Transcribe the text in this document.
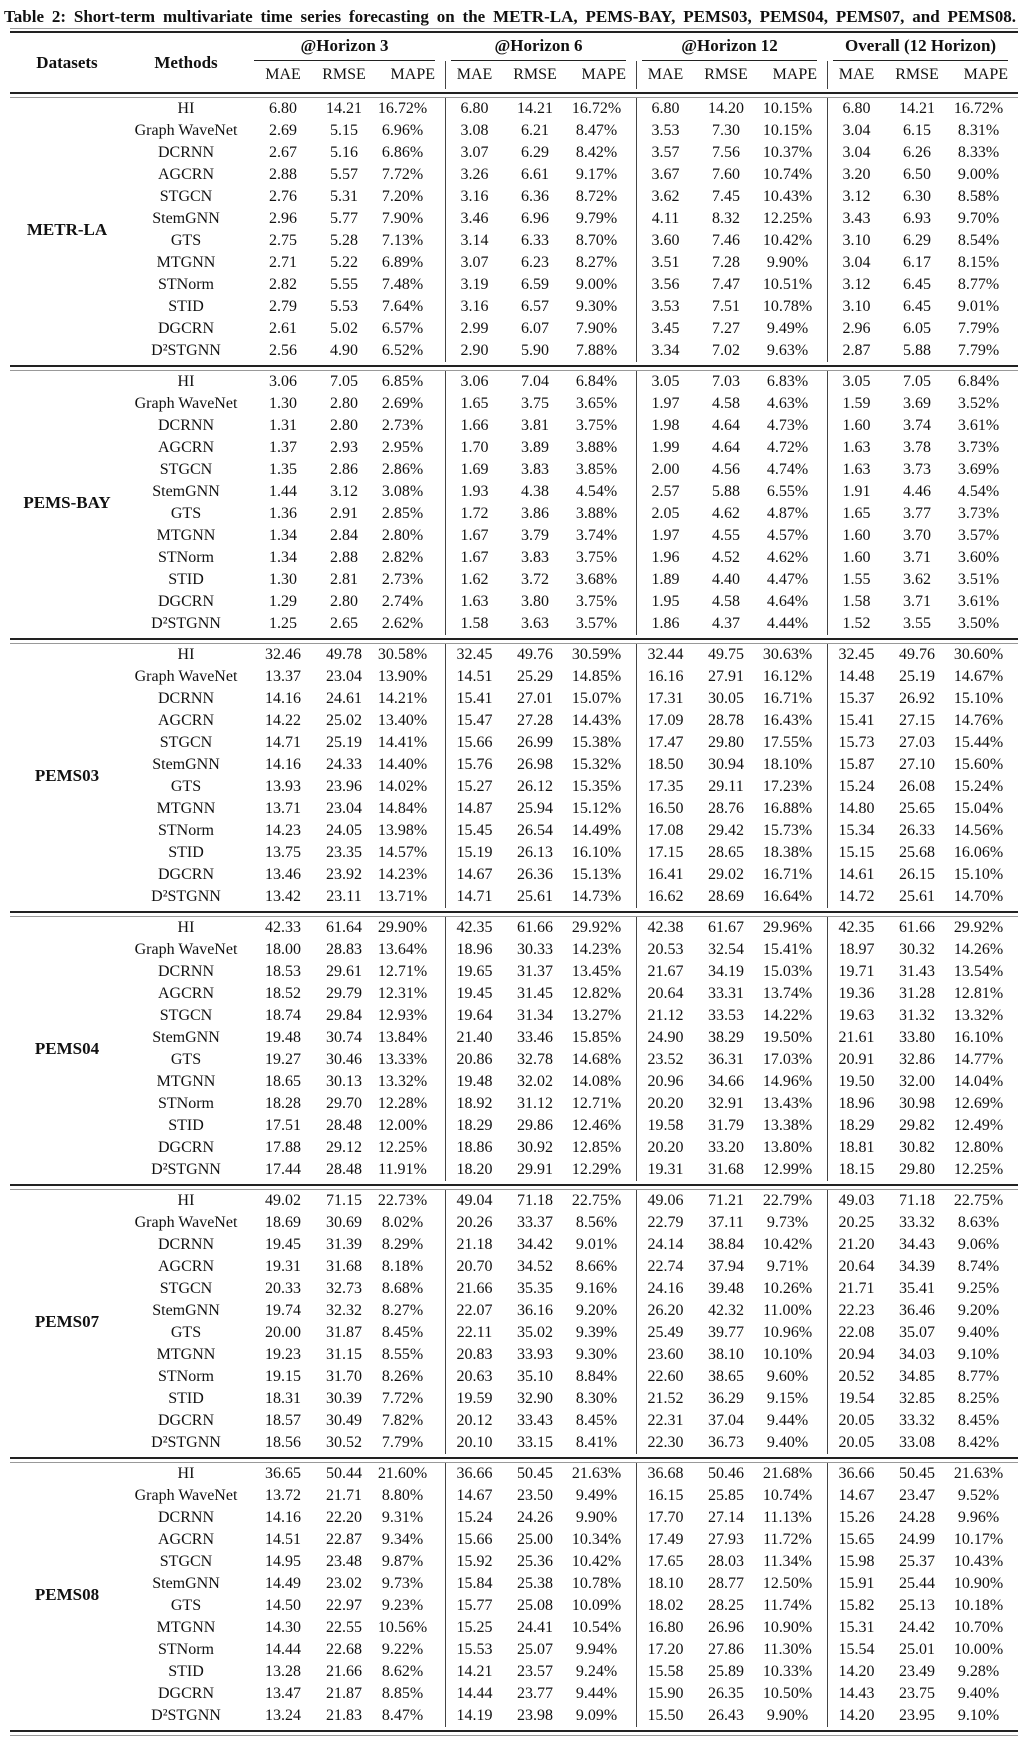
Table 2: Short-term multivariate time series forecasting on the METR-LA, PEMS-BAY, PEMS03, PEMS04, PEMS07, and PEMS08.
Datasets	Methods	@Horizon 3			@Horizon 6			@Horizon 12			Overall (12 Horizon)		

		MAE	RMSE	MAPE	MAE	RMSE	MAPE	MAE	RMSE	MAPE	MAE	RMSE	MAPE

METR-LA	HI	6.80	14.21	16.72%	6.80	14.21	16.72%	6.80	14.20	10.15%	6.80	14.21	16.72%
	Graph WaveNet	2.69	5.15	6.96%	3.08	6.21	8.47%	3.53	7.30	10.15%	3.04	6.15	8.31%
	DCRNN	2.67	5.16	6.86%	3.07	6.29	8.42%	3.57	7.56	10.37%	3.04	6.26	8.33%
	AGCRN	2.88	5.57	7.72%	3.26	6.61	9.17%	3.67	7.60	10.74%	3.20	6.50	9.00%
	STGCN	2.76	5.31	7.20%	3.16	6.36	8.72%	3.62	7.45	10.43%	3.12	6.30	8.58%
	StemGNN	2.96	5.77	7.90%	3.46	6.96	9.79%	4.11	8.32	12.25%	3.43	6.93	9.70%
	GTS	2.75	5.28	7.13%	3.14	6.33	8.70%	3.60	7.46	10.42%	3.10	6.29	8.54%
	MTGNN	2.71	5.22	6.89%	3.07	6.23	8.27%	3.51	7.28	9.90%	3.04	6.17	8.15%
	STNorm	2.82	5.55	7.48%	3.19	6.59	9.00%	3.56	7.47	10.51%	3.12	6.45	8.77%
	STID	2.79	5.53	7.64%	3.16	6.57	9.30%	3.53	7.51	10.78%	3.10	6.45	9.01%
	DGCRN	2.61	5.02	6.57%	2.99	6.07	7.90%	3.45	7.27	9.49%	2.96	6.05	7.79%
	D²STGNN	2.56	4.90	6.52%	2.90	5.90	7.88%	3.34	7.02	9.63%	2.87	5.88	7.79%

PEMS-BAY	HI	3.06	7.05	6.85%	3.06	7.04	6.84%	3.05	7.03	6.83%	3.05	7.05	6.84%
	Graph WaveNet	1.30	2.80	2.69%	1.65	3.75	3.65%	1.97	4.58	4.63%	1.59	3.69	3.52%
	DCRNN	1.31	2.80	2.73%	1.66	3.81	3.75%	1.98	4.64	4.73%	1.60	3.74	3.61%
	AGCRN	1.37	2.93	2.95%	1.70	3.89	3.88%	1.99	4.64	4.72%	1.63	3.78	3.73%
	STGCN	1.35	2.86	2.86%	1.69	3.83	3.85%	2.00	4.56	4.74%	1.63	3.73	3.69%
	StemGNN	1.44	3.12	3.08%	1.93	4.38	4.54%	2.57	5.88	6.55%	1.91	4.46	4.54%
	GTS	1.36	2.91	2.85%	1.72	3.86	3.88%	2.05	4.62	4.87%	1.65	3.77	3.73%
	MTGNN	1.34	2.84	2.80%	1.67	3.79	3.74%	1.97	4.55	4.57%	1.60	3.70	3.57%
	STNorm	1.34	2.88	2.82%	1.67	3.83	3.75%	1.96	4.52	4.62%	1.60	3.71	3.60%
	STID	1.30	2.81	2.73%	1.62	3.72	3.68%	1.89	4.40	4.47%	1.55	3.62	3.51%
	DGCRN	1.29	2.80	2.74%	1.63	3.80	3.75%	1.95	4.58	4.64%	1.58	3.71	3.61%
	D²STGNN	1.25	2.65	2.62%	1.58	3.63	3.57%	1.86	4.37	4.44%	1.52	3.55	3.50%

PEMS03	HI	32.46	49.78	30.58%	32.45	49.76	30.59%	32.44	49.75	30.63%	32.45	49.76	30.60%
	Graph WaveNet	13.37	23.04	13.90%	14.51	25.29	14.85%	16.16	27.91	16.12%	14.48	25.19	14.67%
	DCRNN	14.16	24.61	14.21%	15.41	27.01	15.07%	17.31	30.05	16.71%	15.37	26.92	15.10%
	AGCRN	14.22	25.02	13.40%	15.47	27.28	14.43%	17.09	28.78	16.43%	15.41	27.15	14.76%
	STGCN	14.71	25.19	14.41%	15.66	26.99	15.38%	17.47	29.80	17.55%	15.73	27.03	15.44%
	StemGNN	14.16	24.33	14.40%	15.76	26.98	15.32%	18.50	30.94	18.10%	15.87	27.10	15.60%
	GTS	13.93	23.96	14.02%	15.27	26.12	15.35%	17.35	29.11	17.23%	15.24	26.08	15.24%
	MTGNN	13.71	23.04	14.84%	14.87	25.94	15.12%	16.50	28.76	16.88%	14.80	25.65	15.04%
	STNorm	14.23	24.05	13.98%	15.45	26.54	14.49%	17.08	29.42	15.73%	15.34	26.33	14.56%
	STID	13.75	23.35	14.57%	15.19	26.13	16.10%	17.15	28.65	18.38%	15.15	25.68	16.06%
	DGCRN	13.46	23.92	14.23%	14.67	26.36	15.13%	16.41	29.02	16.71%	14.61	26.15	15.10%
	D²STGNN	13.42	23.11	13.71%	14.71	25.61	14.73%	16.62	28.69	16.64%	14.72	25.61	14.70%

PEMS04	HI	42.33	61.64	29.90%	42.35	61.66	29.92%	42.38	61.67	29.96%	42.35	61.66	29.92%
	Graph WaveNet	18.00	28.83	13.64%	18.96	30.33	14.23%	20.53	32.54	15.41%	18.97	30.32	14.26%
	DCRNN	18.53	29.61	12.71%	19.65	31.37	13.45%	21.67	34.19	15.03%	19.71	31.43	13.54%
	AGCRN	18.52	29.79	12.31%	19.45	31.45	12.82%	20.64	33.31	13.74%	19.36	31.28	12.81%
	STGCN	18.74	29.84	12.93%	19.64	31.34	13.27%	21.12	33.53	14.22%	19.63	31.32	13.32%
	StemGNN	19.48	30.74	13.84%	21.40	33.46	15.85%	24.90	38.29	19.50%	21.61	33.80	16.10%
	GTS	19.27	30.46	13.33%	20.86	32.78	14.68%	23.52	36.31	17.03%	20.91	32.86	14.77%
	MTGNN	18.65	30.13	13.32%	19.48	32.02	14.08%	20.96	34.66	14.96%	19.50	32.00	14.04%
	STNorm	18.28	29.70	12.28%	18.92	31.12	12.71%	20.20	32.91	13.43%	18.96	30.98	12.69%
	STID	17.51	28.48	12.00%	18.29	29.86	12.46%	19.58	31.79	13.38%	18.29	29.82	12.49%
	DGCRN	17.88	29.12	12.25%	18.86	30.92	12.85%	20.20	33.20	13.80%	18.81	30.82	12.80%
	D²STGNN	17.44	28.48	11.91%	18.20	29.91	12.29%	19.31	31.68	12.99%	18.15	29.80	12.25%

PEMS07	HI	49.02	71.15	22.73%	49.04	71.18	22.75%	49.06	71.21	22.79%	49.03	71.18	22.75%
	Graph WaveNet	18.69	30.69	8.02%	20.26	33.37	8.56%	22.79	37.11	9.73%	20.25	33.32	8.63%
	DCRNN	19.45	31.39	8.29%	21.18	34.42	9.01%	24.14	38.84	10.42%	21.20	34.43	9.06%
	AGCRN	19.31	31.68	8.18%	20.70	34.52	8.66%	22.74	37.94	9.71%	20.64	34.39	8.74%
	STGCN	20.33	32.73	8.68%	21.66	35.35	9.16%	24.16	39.48	10.26%	21.71	35.41	9.25%
	StemGNN	19.74	32.32	8.27%	22.07	36.16	9.20%	26.20	42.32	11.00%	22.23	36.46	9.20%
	GTS	20.00	31.87	8.45%	22.11	35.02	9.39%	25.49	39.77	10.96%	22.08	35.07	9.40%
	MTGNN	19.23	31.15	8.55%	20.83	33.93	9.30%	23.60	38.10	10.10%	20.94	34.03	9.10%
	STNorm	19.15	31.70	8.26%	20.63	35.10	8.84%	22.60	38.65	9.60%	20.52	34.85	8.77%
	STID	18.31	30.39	7.72%	19.59	32.90	8.30%	21.52	36.29	9.15%	19.54	32.85	8.25%
	DGCRN	18.57	30.49	7.82%	20.12	33.43	8.45%	22.31	37.04	9.44%	20.05	33.32	8.45%
	D²STGNN	18.56	30.52	7.79%	20.10	33.15	8.41%	22.30	36.73	9.40%	20.05	33.08	8.42%

PEMS08	HI	36.65	50.44	21.60%	36.66	50.45	21.63%	36.68	50.46	21.68%	36.66	50.45	21.63%
	Graph WaveNet	13.72	21.71	8.80%	14.67	23.50	9.49%	16.15	25.85	10.74%	14.67	23.47	9.52%
	DCRNN	14.16	22.20	9.31%	15.24	24.26	9.90%	17.70	27.14	11.13%	15.26	24.28	9.96%
	AGCRN	14.51	22.87	9.34%	15.66	25.00	10.34%	17.49	27.93	11.72%	15.65	24.99	10.17%
	STGCN	14.95	23.48	9.87%	15.92	25.36	10.42%	17.65	28.03	11.34%	15.98	25.37	10.43%
	StemGNN	14.49	23.02	9.73%	15.84	25.38	10.78%	18.10	28.77	12.50%	15.91	25.44	10.90%
	GTS	14.50	22.97	9.23%	15.77	25.08	10.09%	18.02	28.25	11.74%	15.82	25.13	10.18%
	MTGNN	14.30	22.55	10.56%	15.25	24.41	10.54%	16.80	26.96	10.90%	15.31	24.42	10.70%
	STNorm	14.44	22.68	9.22%	15.53	25.07	9.94%	17.20	27.86	11.30%	15.54	25.01	10.00%
	STID	13.28	21.66	8.62%	14.21	23.57	9.24%	15.58	25.89	10.33%	14.20	23.49	9.28%
	DGCRN	13.47	21.87	8.85%	14.44	23.77	9.44%	15.90	26.35	10.50%	14.43	23.75	9.40%
	D²STGNN	13.24	21.83	8.47%	14.19	23.98	9.09%	15.50	26.43	9.90%	14.20	23.95	9.10%
